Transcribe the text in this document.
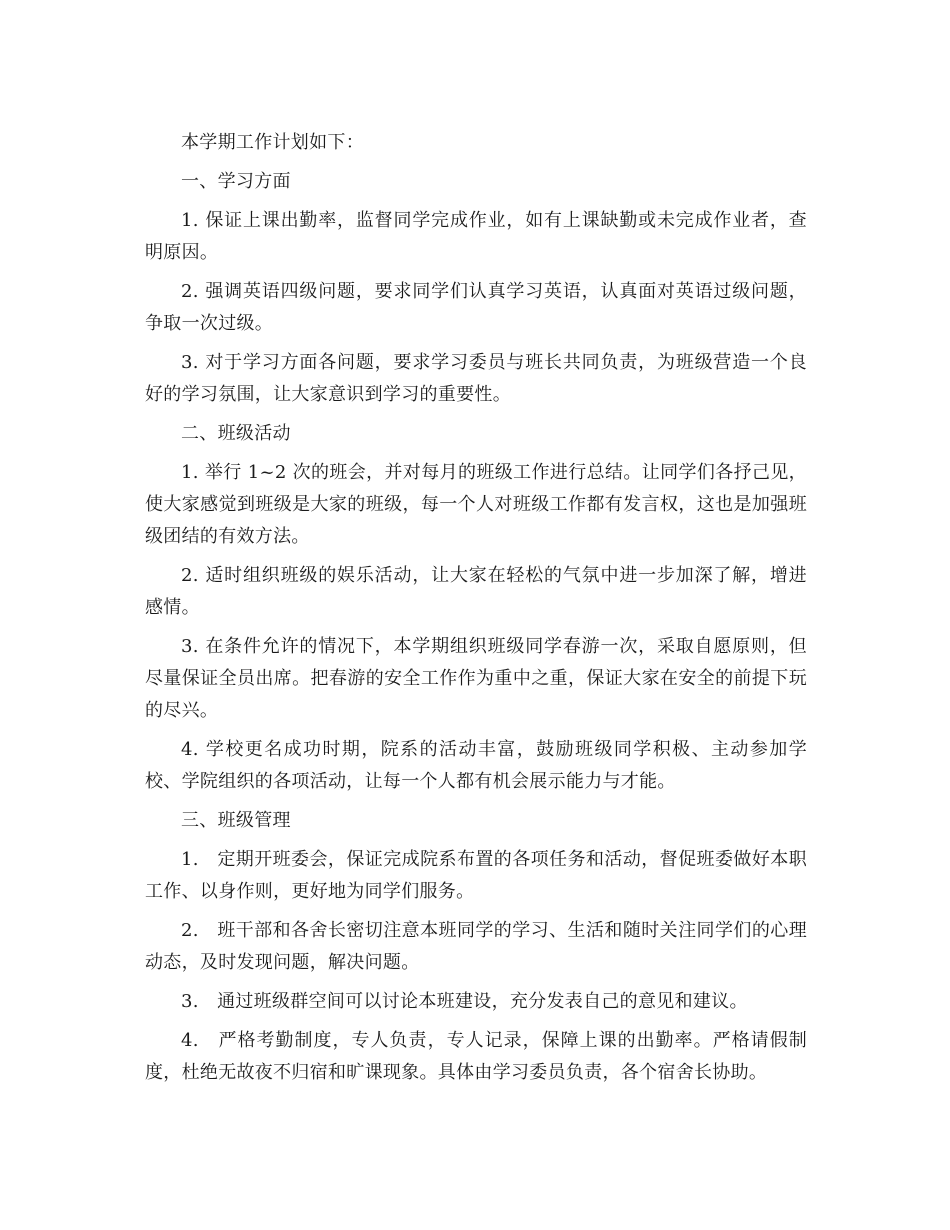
本学期工作计划如下：

一、学习方面

1. 保证上课出勤率，监督同学完成作业，如有上课缺勤或未完成作业者，查明原因。

2. 强调英语四级问题，要求同学们认真学习英语，认真面对英语过级问题，争取一次过级。

3. 对于学习方面各问题，要求学习委员与班长共同负责，为班级营造一个良好的学习氛围，让大家意识到学习的重要性。

二、班级活动

1. 举行 1~2 次的班会，并对每月的班级工作进行总结。让同学们各抒己见，使大家感觉到班级是大家的班级，每一个人对班级工作都有发言权，这也是加强班级团结的有效方法。

2. 适时组织班级的娱乐活动，让大家在轻松的气氛中进一步加深了解，增进感情。

3. 在条件允许的情况下，本学期组织班级同学春游一次，采取自愿原则，但尽量保证全员出席。把春游的安全工作作为重中之重，保证大家在安全的前提下玩的尽兴。

4. 学校更名成功时期，院系的活动丰富，鼓励班级同学积极、主动参加学校、学院组织的各项活动，让每一个人都有机会展示能力与才能。

三、班级管理

1.　定期开班委会，保证完成院系布置的各项任务和活动，督促班委做好本职工作、以身作则，更好地为同学们服务。

2.　班干部和各舍长密切注意本班同学的学习、生活和随时关注同学们的心理动态，及时发现问题，解决问题。

3.　通过班级群空间可以讨论本班建设，充分发表自己的意见和建议。

4.　严格考勤制度，专人负责，专人记录，保障上课的出勤率。严格请假制度，杜绝无故夜不归宿和旷课现象。具体由学习委员负责，各个宿舍长协助。
